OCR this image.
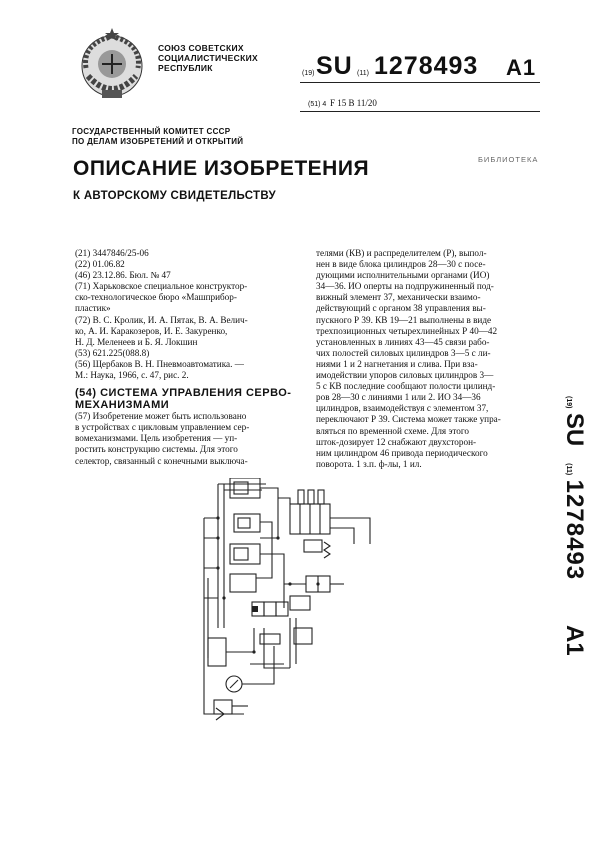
СОЮЗ СОВЕТСКИХ
СОЦИАЛИСТИЧЕСКИХ
РЕСПУБЛИК
(19) SU (11) 1278493 A1
(51) 4 F 15 B 11/20
ГОСУДАРСТВЕННЫЙ КОМИТЕТ СССР
ПО ДЕЛАМ ИЗОБРЕТЕНИЙ И ОТКРЫТИЙ
БИБЛИОТЕКА
ОПИСАНИЕ ИЗОБРЕТЕНИЯ
К АВТОРСКОМУ СВИДЕТЕЛЬСТВУ
(21) 3447846/25-06
(22) 01.06.82
(46) 23.12.86. Бюл. № 47
(71) Харьковское специальное конструктор-
ско-технологическое бюро «Машприбор-
пластик»
(72) В. С. Кролик, И. А. Пятак, В. А. Велич-
ко, А. И. Каракозеров, И. Е. Закуренко,
Н. Д. Меленеев и Б. Я. Локшин
(53) 621.225(088.8)
(56) Щербаков В. Н. Пневмоавтоматика. —
М.: Наука, 1966, с. 47, рис. 2.
(54) СИСТЕМА УПРАВЛЕНИЯ СЕРВО-
МЕХАНИЗМАМИ
(57) Изобретение может быть использовано
в устройствах с цикловым управлением сер-
вомеханизмами. Цель изобретения — уп-
ростить конструкцию системы. Для этого
селектор, связанный с конечными выключа-
телями (КВ) и распределителем (Р), выпол-
нен в виде блока цилиндров 28—30 с посе-
дующими исполнительными органами (ИО)
34—36. ИО оперты на подпружиненный под-
вижный элемент 37, механически взаимо-
действующий с органом 38 управления вы-
пускного Р 39. КВ 19—21 выполнены в виде
трехпозиционных четырехлинейных Р 40—42
установленных в линиях 43—45 связи рабо-
чих полостей силовых цилиндров 3—5 с ли-
ниями 1 и 2 нагнетания и слива. При вза-
имодействии упоров силовых цилиндров 3—
5 с КВ последние сообщают полости цилинд-
ров 28—30 с линиями 1 или 2. ИО 34—36
цилиндров, взаимодействуя с элементом 37,
переключают Р 39. Система может также упра-
вляться по временной схеме. Для этого
шток-дозирует 12 снабжают двухсторон-
ним цилиндром 46 привода периодического
поворота. 1 з.п. ф-лы, 1 ил.
(19) SU  (11) 1278493  A1
